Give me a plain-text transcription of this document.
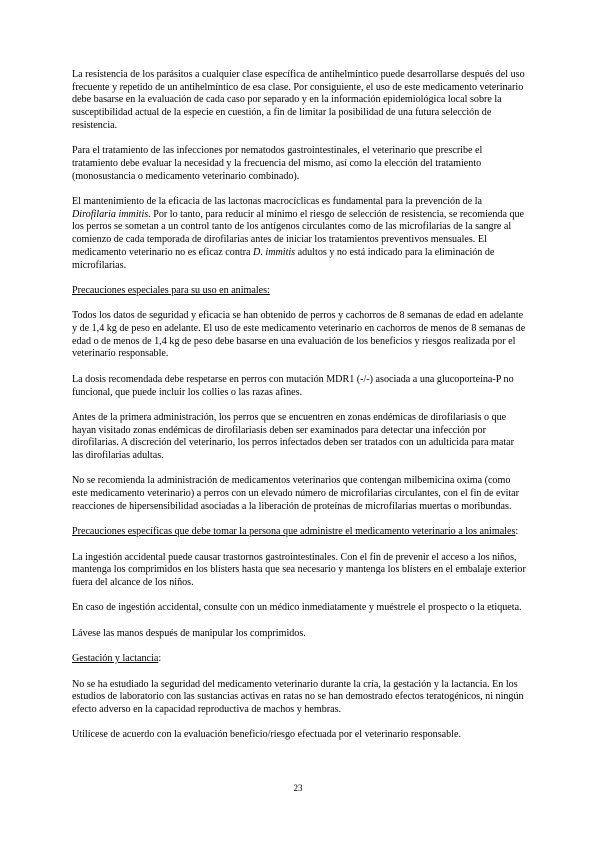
La resistencia de los parásitos a cualquier clase específica de antihelmíntico puede desarrollarse después del uso frecuente y repetido de un antihelmíntico de esa clase. Por consiguiente, el uso de este medicamento veterinario debe basarse en la evaluación de cada caso por separado y en la información epidemiológica local sobre la susceptibilidad actual de la especie en cuestión, a fin de limitar la posibilidad de una futura selección de resistencia.

Para el tratamiento de las infecciones por nematodos gastrointestinales, el veterinario que prescribe el tratamiento debe evaluar la necesidad y la frecuencia del mismo, así como la elección del tratamiento (monosustancia o medicamento veterinario combinado).

El mantenimiento de la eficacia de las lactonas macrocíclicas es fundamental para la prevención de la Dirofilaria immitis. Por lo tanto, para reducir al mínimo el riesgo de selección de resistencia, se recomienda que los perros se sometan a un control tanto de los antígenos circulantes como de las microfilarias de la sangre al comienzo de cada temporada de dirofilarias antes de iniciar los tratamientos preventivos mensuales. El medicamento veterinario no es eficaz contra D. immitis adultos y no está indicado para la eliminación de microfilarias.

Precauciones especiales para su uso en animales:

Todos los datos de seguridad y eficacia se han obtenido de perros y cachorros de 8 semanas de edad en adelante y de 1,4 kg de peso en adelante. El uso de este medicamento veterinario en cachorros de menos de 8 semanas de edad o de menos de 1,4 kg de peso debe basarse en una evaluación de los beneficios y riesgos realizada por el veterinario responsable.

La dosis recomendada debe respetarse en perros con mutación MDR1 (-/-) asociada a una glucoporteína-P no funcional, que puede incluir los collies o las razas afines.

Antes de la primera administración, los perros que se encuentren en zonas endémicas de dirofilariasis o que hayan visitado zonas endémicas de dirofilariasis deben ser examinados para detectar una infección por dirofilarias. A discreción del veterinario, los perros infectados deben ser tratados con un adulticida para matar las dirofilarias adultas.

No se recomienda la administración de medicamentos veterinarios que contengan milbemicina oxima (como este medicamento veterinario) a perros con un elevado número de microfilarias circulantes, con el fin de evitar reacciones de hipersensibilidad asociadas a la liberación de proteínas de microfilarias muertas o moribundas.

Precauciones específicas que debe tomar la persona que administre el medicamento veterinario a los animales:

La ingestión accidental puede causar trastornos gastrointestinales. Con el fin de prevenir el acceso a los niños, mantenga los comprimidos en los blísters hasta que sea necesario y mantenga los blísters en el embalaje exterior fuera del alcance de los niños.

En caso de ingestión accidental, consulte con un médico inmediatamente y muéstrele el prospecto o la etiqueta.

Lávese las manos después de manipular los comprimidos.

Gestación y lactancia:

No se ha estudiado la seguridad del medicamento veterinario durante la cría, la gestación y la lactancia. En los estudios de laboratorio con las sustancias activas en ratas no se han demostrado efectos teratogénicos, ni ningún efecto adverso en la capacidad reproductiva de machos y hembras.

Utilícese de acuerdo con la evaluación beneficio/riesgo efectuada por el veterinario responsable.

23
